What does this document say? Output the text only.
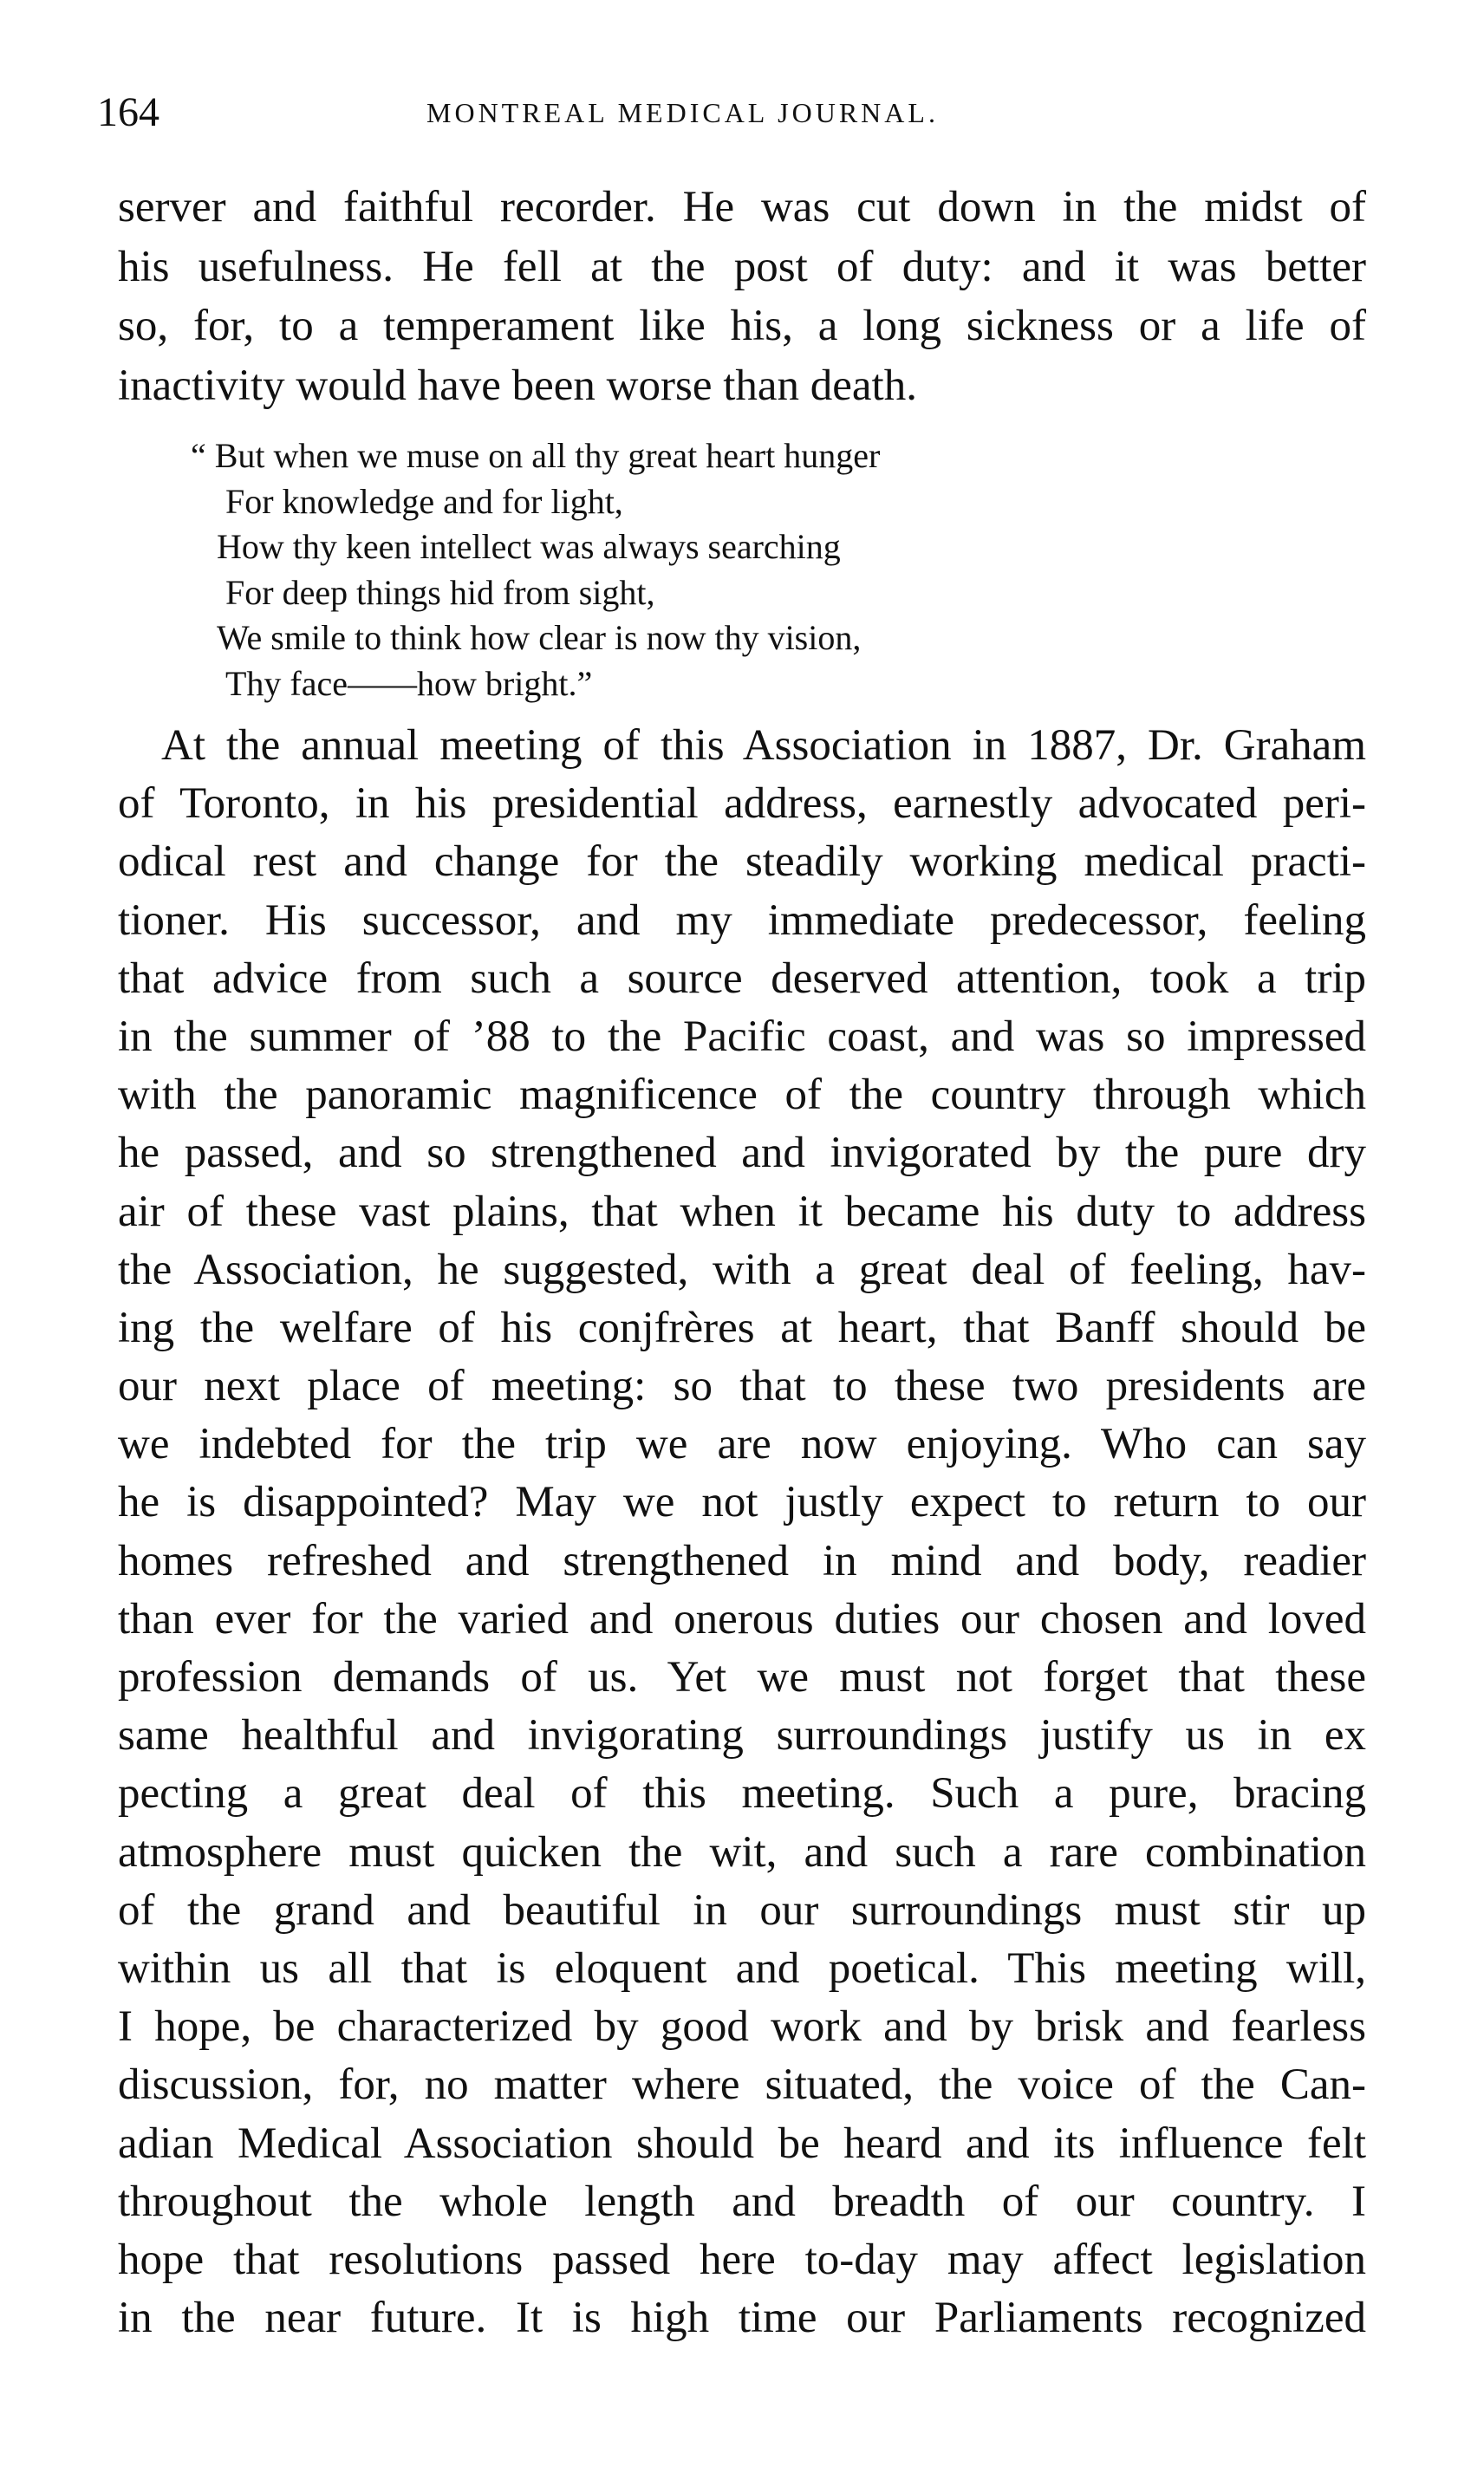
164	MONTREAL MEDICAL JOURNAL.
server and faithful recorder. He was cut down in the midst of
his usefulness. He fell at the post of duty: and it was better
so, for, to a temperament like his, a long sickness or a life of
inactivity would have been worse than death.
“ But when we muse on all thy great heart hunger
For knowledge and for light,
How thy keen intellect was always searching
For deep things hid from sight,
We smile to think how clear is now thy vision,
Thy face——how bright.”
At the annual meeting of this Association in 1887, Dr. Graham
of Toronto, in his presidential address, earnestly advocated peri-
odical rest and change for the steadily working medical practi-
tioner. His successor, and my immediate predecessor, feeling
that advice from such a source deserved attention, took a trip
in the summer of ’88 to the Pacific coast, and was so impressed
with the panoramic magnificence of the country through which
he passed, and so strengthened and invigorated by the pure dry
air of these vast plains, that when it became his duty to address
the Association, he suggested, with a great deal of feeling, hav-
ing the welfare of his conjfrères at heart, that Banff should be
our next place of meeting: so that to these two presidents are
we indebted for the trip we are now enjoying. Who can say
he is disappointed? May we not justly expect to return to our
homes refreshed and strengthened in mind and body, readier
than ever for the varied and onerous duties our chosen and loved
profession demands of us. Yet we must not forget that these
same healthful and invigorating surroundings justify us in ex
pecting a great deal of this meeting. Such a pure, bracing
atmosphere must quicken the wit, and such a rare combination
of the grand and beautiful in our surroundings must stir up
within us all that is eloquent and poetical. This meeting will,
I hope, be characterized by good work and by brisk and fearless
discussion, for, no matter where situated, the voice of the Can-
adian Medical Association should be heard and its influence felt
throughout the whole length and breadth of our country. I
hope that resolutions passed here to-day may affect legislation
in the near future. It is high time our Parliaments recognized
